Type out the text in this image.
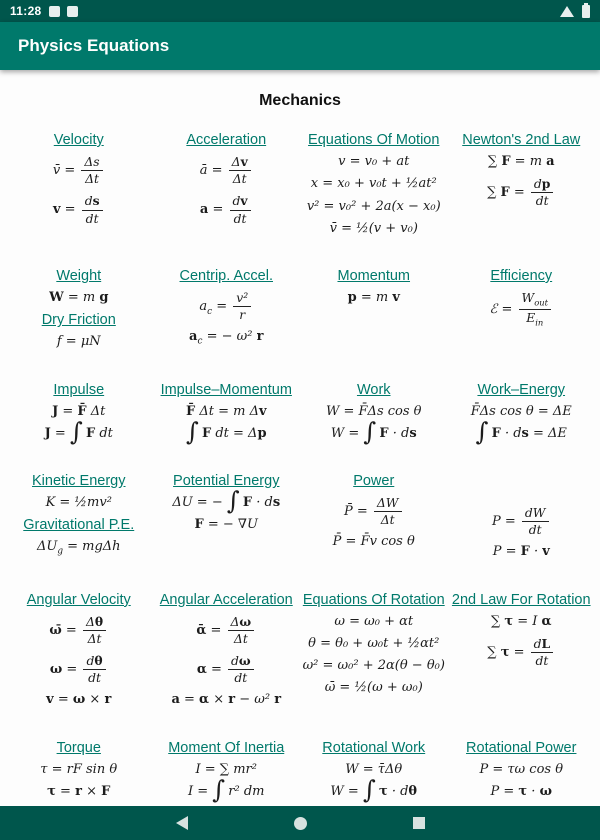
11:28
Physics Equations
Mechanics
Velocity
v̄ = $\frac{\Delta s}{\Delta t}$
$v = \frac{ds}{dt}$
Acceleration
ā = $\frac{\Delta v}{\Delta t}$
$a = \frac{dv}{dt}$
Equations Of Motion
v = v₀ + at
x = x₀ + v₀t + ½at²
v² = v₀² + 2a(x − x₀)
v̄ = ½(v + v₀)
Newton's 2nd Law
∑ F = m a
∑ $F = \frac{dp}{dt}$
Weight
W = m g
Dry Friction
f = μN
Centrip. Accel.
$a_c = \frac{\text{v²}}{r}$
$a_c$ = − ω² r
Momentum
p = m v
Efficiency
ℰ = $\frac{W_{out}}{E_{in}}$
Impulse
J = F̄ Δt
J = ∫ F dt
Impulse–Momentum
F̄ Δt = m Δv
∫ F dt = Δp
Work
W = F̄Δs cos θ
W = ∫ F · ds
Work–Energy
F̄Δs cos θ = ΔE
∫ F · ds = ΔE
Kinetic Energy
K = ½mv²
Gravitational P.E.
$\Delta U_g = mg\Delta h$
Potential Energy
ΔU = − ∫ F · ds
F = − ∇U
Power
P̄ = $\frac{\Delta W}{\Delta t}$
P̄ = F̄v cos θ
$P = \frac{dW}{dt}$
P = F · v
Angular Velocity
ω̄ = $\frac{\Delta\theta}{\Delta t}$
$\omega = \frac{d\theta}{dt}$
v = ω × r
Angular Acceleration
ᾱ = $\frac{\Delta\omega}{\Delta t}$
$\alpha = \frac{d\omega}{dt}$
a = α × r − ω² r
Equations Of Rotation
ω = ω₀ + αt
θ = θ₀ + ω₀t + ½αt²
ω² = ω₀² + 2α(θ − θ₀)
ω̄ = ½(ω + ω₀)
2nd Law For Rotation
∑ τ = I α
∑ $\tau = \frac{dL}{dt}$
Torque
τ = rF sin θ
τ = r × F
Moment Of Inertia
I = ∑ mr²
I = ∫ r² dm
Rotational Work
W = τ̄Δθ
W = ∫ τ · dθ
Rotational Power
P = τω cos θ
P = τ · ω
